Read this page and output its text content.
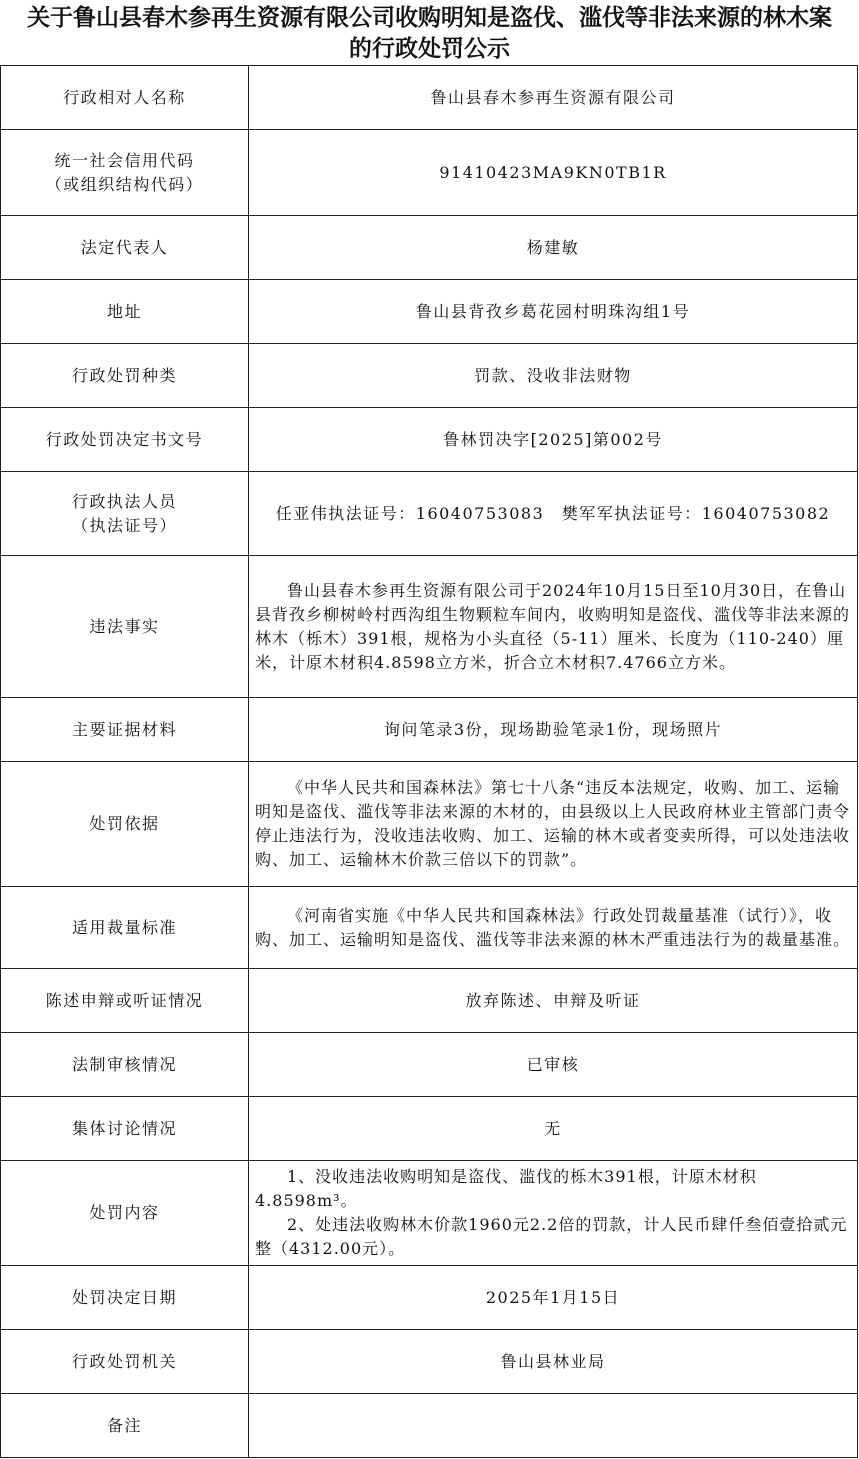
关于鲁山县春木参再生资源有限公司收购明知是盗伐、滥伐等非法来源的林木案
的行政处罚公示
行政相对人名称	鲁山县春木参再生资源有限公司

统一社会信用代码
（或组织结构代码）	91410423MA9KN0TB1R
法定代表人	杨建敏
地址	鲁山县背孜乡葛花园村明珠沟组1号
行政处罚种类	罚款、没收非法财物
行政处罚决定书文号	鲁林罚决字[2025]第002号

行政执法人员
（执法证号）	任亚伟执法证号：16040753083　樊军军执法证号：16040753082
违法事实	鲁山县春木参再生资源有限公司于2024年10月15日至10月30日，在鲁山县背孜乡柳树岭村西沟组生物颗粒车间内，收购明知是盗伐、滥伐等非法来源的林木（栎木）391根，规格为小头直径（5-11）厘米、长度为（110-240）厘米，计原木材积4.8598立方米，折合立木材积7.4766立方米。

主要证据材料	询问笔录3份，现场勘验笔录1份，现场照片
处罚依据	《中华人民共和国森林法》第七十八条“违反本法规定，收购、加工、运输明知是盗伐、滥伐等非法来源的木材的，由县级以上人民政府林业主管部门责令停止违法行为，没收违法收购、加工、运输的林木或者变卖所得，可以处违法收购、加工、运输林木价款三倍以下的罚款”。

适用裁量标准	《河南省实施《中华人民共和国森林法》行政处罚裁量基准（试行）》，收购、加工、运输明知是盗伐、滥伐等非法来源的林木严重违法行为的裁量基准。

陈述申辩或听证情况	放弃陈述、申辩及听证
法制审核情况	已审核
集体讨论情况	无
处罚内容	1、没收违法收购明知是盗伐、滥伐的栎木391根，计原木材积4.8598m³。
2、处违法收购林木价款1960元2.2倍的罚款，计人民币肆仟叁佰壹拾贰元整（4312.00元）。

处罚决定日期	2025年1月15日
行政处罚机关	鲁山县林业局
备注	
